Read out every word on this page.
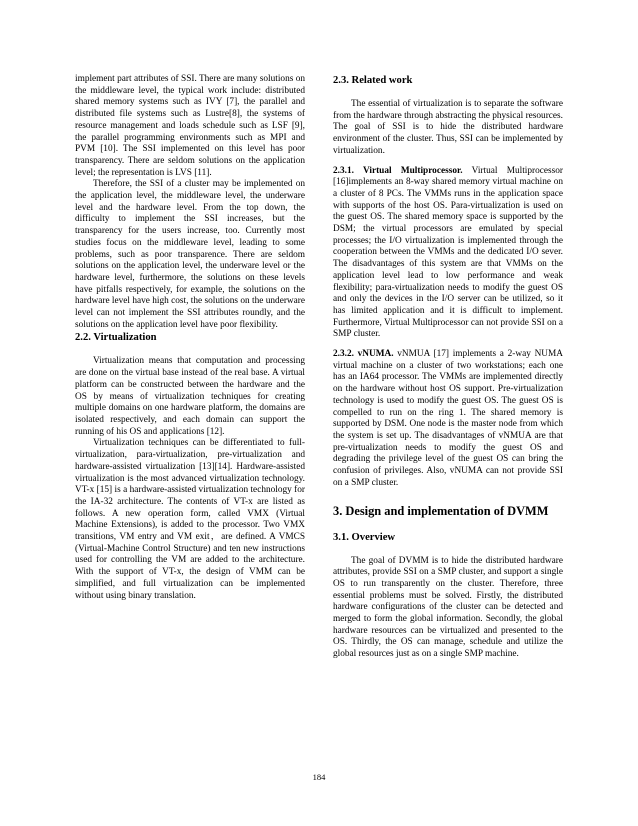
implement part attributes of SSI. There are many solutions on the middleware level, the typical work include: distributed shared memory systems such as IVY [7], the parallel and distributed file systems such as Lustre[8], the systems of resource management and loads schedule such as LSF [9], the parallel programming environments such as MPI and PVM [10]. The SSI implemented on this level has poor transparency. There are seldom solutions on the application level; the representation is LVS [11].

Therefore, the SSI of a cluster may be implemented on the application level, the middleware level, the underware level and the hardware level. From the top down, the difficulty to implement the SSI increases, but the transparency for the users increase, too. Currently most studies focus on the middleware level, leading to some problems, such as poor transparence. There are seldom solutions on the application level, the underware level or the hardware level, furthermore, the solutions on these levels have pitfalls respectively, for example, the solutions on the hardware level have high cost, the solutions on the underware level can not implement the SSI attributes roundly, and the solutions on the application level have poor flexibility.

2.2. Virtualization

Virtualization means that computation and processing are done on the virtual base instead of the real base. A virtual platform can be constructed between the hardware and the OS by means of virtualization techniques for creating multiple domains on one hardware platform, the domains are isolated respectively, and each domain can support the running of his OS and applications [12].

Virtualization techniques can be differentiated to full-virtualization, para-virtualization, pre-virtualization and hardware-assisted virtualization [13][14]. Hardware-assisted virtualization is the most advanced virtualization technology. VT-x [15] is a hardware-assisted virtualization technology for the IA-32 architecture. The contents of VT-x are listed as follows. A new operation form, called VMX (Virtual Machine Extensions), is added to the processor. Two VMX transitions, VM entry and VM exit，are defined. A VMCS (Virtual-Machine Control Structure) and ten new instructions used for controlling the VM are added to the architecture. With the support of VT-x, the design of VMM can be simplified, and full virtualization can be implemented without using binary translation.

2.3. Related work

The essential of virtualization is to separate the software from the hardware through abstracting the physical resources. The goal of SSI is to hide the distributed hardware environment of the cluster. Thus, SSI can be implemented by virtualization.

2.3.1. Virtual Multiprocessor. Virtual Multiprocessor [16]implements an 8-way shared memory virtual machine on a cluster of 8 PCs. The VMMs runs in the application space with supports of the host OS. Para-virtualization is used on the guest OS. The shared memory space is supported by the DSM; the virtual processors are emulated by special processes; the I/O virtualization is implemented through the cooperation between the VMMs and the dedicated I/O sever. The disadvantages of this system are that VMMs on the application level lead to low performance and weak flexibility; para-virtualization needs to modify the guest OS and only the devices in the I/O server can be utilized, so it has limited application and it is difficult to implement. Furthermore, Virtual Multiprocessor can not provide SSI on a SMP cluster.

2.3.2. vNUMA. vNMUA [17] implements a 2-way NUMA virtual machine on a cluster of two workstations; each one has an IA64 processor. The VMMs are implemented directly on the hardware without host OS support. Pre-virtualization technology is used to modify the guest OS. The guest OS is compelled to run on the ring 1. The shared memory is supported by DSM. One node is the master node from which the system is set up. The disadvantages of vNMUA are that pre-virtualization needs to modify the guest OS and degrading the privilege level of the guest OS can bring the confusion of privileges. Also, vNUMA can not provide SSI on a SMP cluster.

3. Design and implementation of DVMM
3.1. Overview

The goal of DVMM is to hide the distributed hardware attributes, provide SSI on a SMP cluster, and support a single OS to run transparently on the cluster. Therefore, three essential problems must be solved. Firstly, the distributed hardware configurations of the cluster can be detected and merged to form the global information. Secondly, the global hardware resources can be virtualized and presented to the OS. Thirdly, the OS can manage, schedule and utilize the global resources just as on a single SMP machine.

184
